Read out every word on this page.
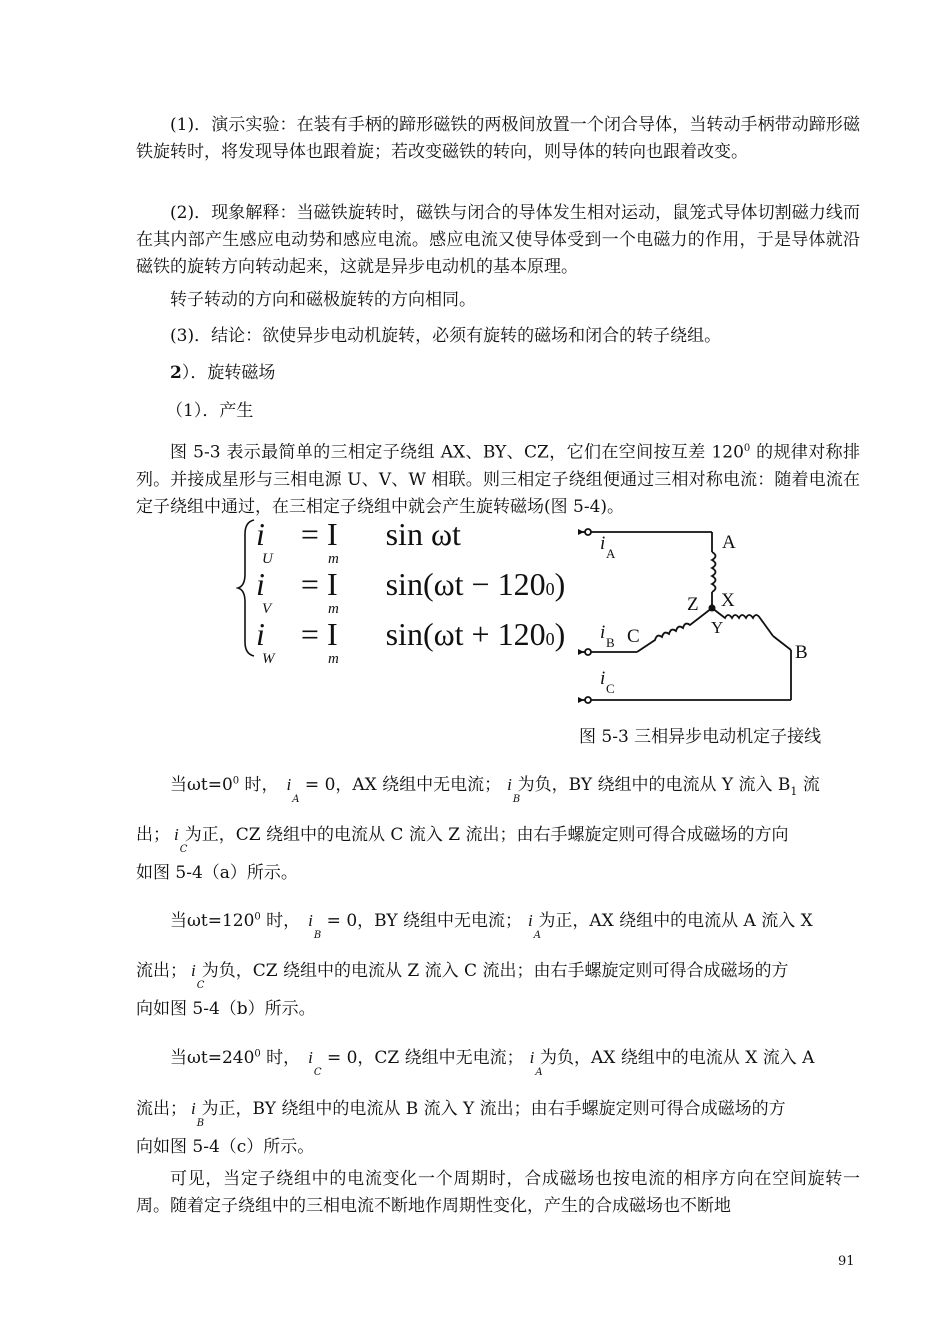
(1)．演示实验：在装有手柄的蹄形磁铁的两极间放置一个闭合导体，当转动手柄带动蹄形磁铁旋转时，将发现导体也跟着旋；若改变磁铁的转向，则导体的转向也跟着改变。

(2)．现象解释：当磁铁旋转时，磁铁与闭合的导体发生相对运动，鼠笼式导体切割磁力线而在其内部产生感应电动势和感应电流。感应电流又使导体受到一个电磁力的作用，于是导体就沿磁铁的旋转方向转动起来，这就是异步电动机的基本原理。

转子转动的方向和磁极旋转的方向相同。

(3)．结论：欲使异步电动机旋转，必须有旋转的磁场和闭合的转子绕组。

2）．旋转磁场

（1）．产生

图 5-3 表示最简单的三相定子绕组 AX、BY、CZ，它们在空间按互差 $120^0$ 的规律对称排列。并接成星形与三相电源 U、V、W 相联。则三相定子绕组便通过三相对称电流：随着电流在定子绕组中通过，在三相定子绕组中就会产生旋转磁场(图 5-4)。

i = I sin ωt
U	m
i = I sin(ωt − 1200)
V	m
i = I sin(ωt + 1200)
W	m
i A
A
Z X
Y
i B C
B
i C
图 5-3 三相异步电动机定子接线
当$\omega t=0^0$ 时， $i_A = 0$，AX 绕组中无电流； $i_B$ 为负，BY 绕组中的电流从 Y 流入 $B_1$ 流
出； $i_C$ 为正，CZ 绕组中的电流从 C 流入 Z 流出；由右手螺旋定则可得合成磁场的方向
如图 5-4（a）所示。
当$\omega t=120^0$ 时， $i_B = 0$，BY 绕组中无电流； $i_A$ 为正，AX 绕组中的电流从 A 流入 X
流出； $i_C$ 为负，CZ 绕组中的电流从 Z 流入 C 流出；由右手螺旋定则可得合成磁场的方
向如图 5-4（b）所示。
当$\omega t=240^0$ 时， $i_C = 0$，CZ 绕组中无电流； $i_A$ 为负，AX 绕组中的电流从 X 流入 A
流出； $i_B$ 为正，BY 绕组中的电流从 B 流入 Y 流出；由右手螺旋定则可得合成磁场的方
向如图 5-4（c）所示。

可见，当定子绕组中的电流变化一个周期时，合成磁场也按电流的相序方向在空间旋转一周。随着定子绕组中的三相电流不断地作周期性变化，产生的合成磁场也不断地

91
